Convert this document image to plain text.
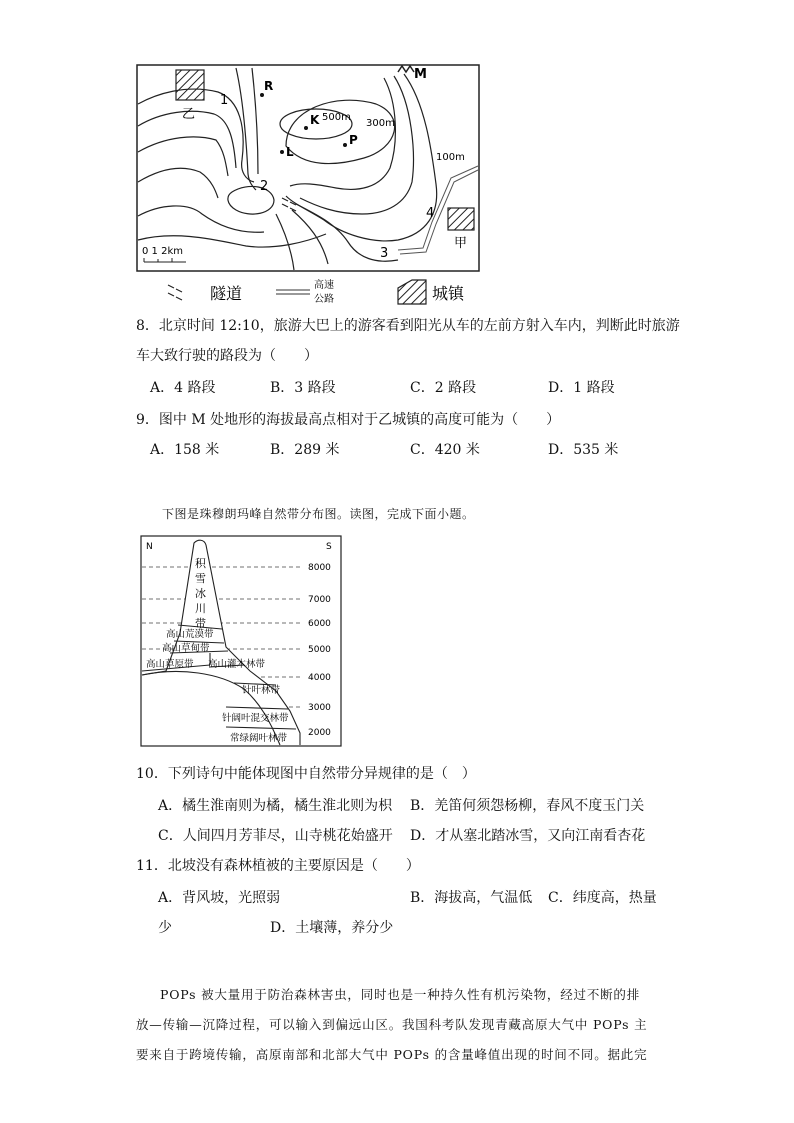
R
K
L
P
M
500m
300m
100m
1
2
3
4
乙
甲
0 1 2km
隧道	高速
公路	城镇
8．北京时间 12:10，旅游大巴上的游客看到阳光从车的左前方射入车内，判断此时旅游
车大致行驶的路段为（　　）
A．4 路段	B．3 路段	C．2 路段	D．1 路段
9．图中 M 处地形的海拔最高点相对于乙城镇的高度可能为（　　）
A．158 米	B．289 米	C．420 米	D．535 米
下图是珠穆朗玛峰自然带分布图。读图，完成下面小题。
N	S
8000
7000
6000
5000
4000
3000
2000
积
雪
冰
川
带
高山荒漠带
高山草甸带
高山草原带 高山灌木林带
针叶林带
针阔叶混交林带
常绿阔叶林带
10．下列诗句中能体现图中自然带分异规律的是（　）
A．橘生淮南则为橘，橘生淮北则为枳 B．羌笛何须怨杨柳，春风不度玉门关
C．人间四月芳菲尽，山寺桃花始盛开 D．才从塞北踏冰雪，又向江南看杏花
11．北坡没有森林植被的主要原因是（　　）
A．背风坡，光照弱	B．海拔高，气温低 C．纬度高，热量
少	D．土壤薄，养分少
POPs 被大量用于防治森林害虫，同时也是一种持久性有机污染物，经过不断的排
放—传输—沉降过程，可以输入到偏远山区。我国科考队发现青藏高原大气中 POPs 主
要来自于跨境传输，高原南部和北部大气中 POPs 的含量峰值出现的时间不同。据此完
